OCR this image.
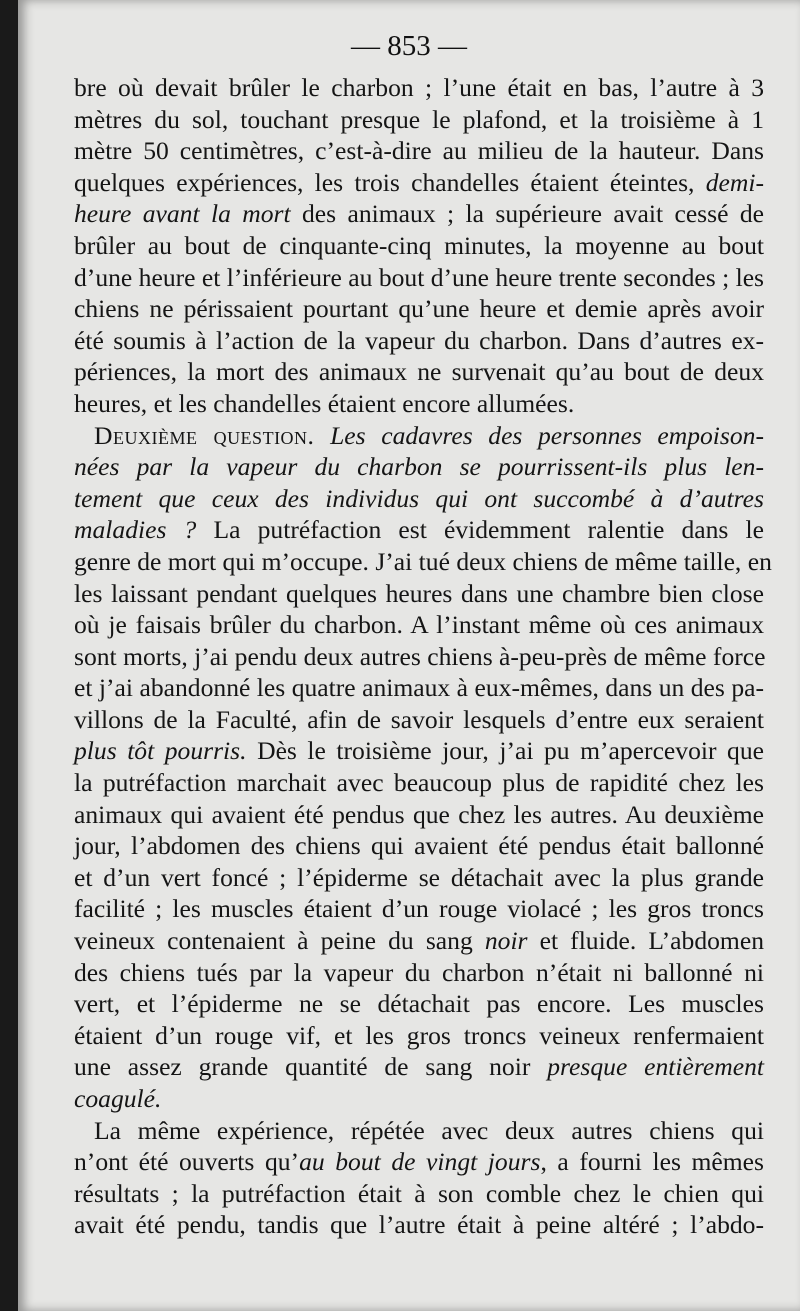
— 853 —
bre où devait brûler le charbon ; l’une était en bas, l’autre à 3
mètres du sol, touchant presque le plafond, et la troisième à 1
mètre 50 centimètres, c’est-à-dire au milieu de la hauteur. Dans
quelques expériences, les trois chandelles étaient éteintes, demi-
heure avant la mort des animaux ; la supérieure avait cessé de
brûler au bout de cinquante-cinq minutes, la moyenne au bout
d’une heure et l’inférieure au bout d’une heure trente secondes ; les
chiens ne périssaient pourtant qu’une heure et demie après avoir
été soumis à l’action de la vapeur du charbon. Dans d’autres ex-
périences, la mort des animaux ne survenait qu’au bout de deux
heures, et les chandelles étaient encore allumées.
Deuxième question. Les cadavres des personnes empoison-
nées par la vapeur du charbon se pourrissent-ils plus len-
tement que ceux des individus qui ont succombé à d’autres
maladies ? La putréfaction est évidemment ralentie dans le
genre de mort qui m’occupe. J’ai tué deux chiens de même taille, en
les laissant pendant quelques heures dans une chambre bien close
où je faisais brûler du charbon. A l’instant même où ces animaux
sont morts, j’ai pendu deux autres chiens à-peu-près de même force
et j’ai abandonné les quatre animaux à eux-mêmes, dans un des pa-
villons de la Faculté, afin de savoir lesquels d’entre eux seraient
plus tôt pourris. Dès le troisième jour, j’ai pu m’apercevoir que
la putréfaction marchait avec beaucoup plus de rapidité chez les
animaux qui avaient été pendus que chez les autres. Au deuxième
jour, l’abdomen des chiens qui avaient été pendus était ballonné
et d’un vert foncé ; l’épiderme se détachait avec la plus grande
facilité ; les muscles étaient d’un rouge violacé ; les gros troncs
veineux contenaient à peine du sang noir et fluide. L’abdomen
des chiens tués par la vapeur du charbon n’était ni ballonné ni
vert, et l’épiderme ne se détachait pas encore. Les muscles
étaient d’un rouge vif, et les gros troncs veineux renfermaient
une assez grande quantité de sang noir presque entièrement
coagulé.
La même expérience, répétée avec deux autres chiens qui
n’ont été ouverts qu’au bout de vingt jours, a fourni les mêmes
résultats ; la putréfaction était à son comble chez le chien qui
avait été pendu, tandis que l’autre était à peine altéré ; l’abdo-
